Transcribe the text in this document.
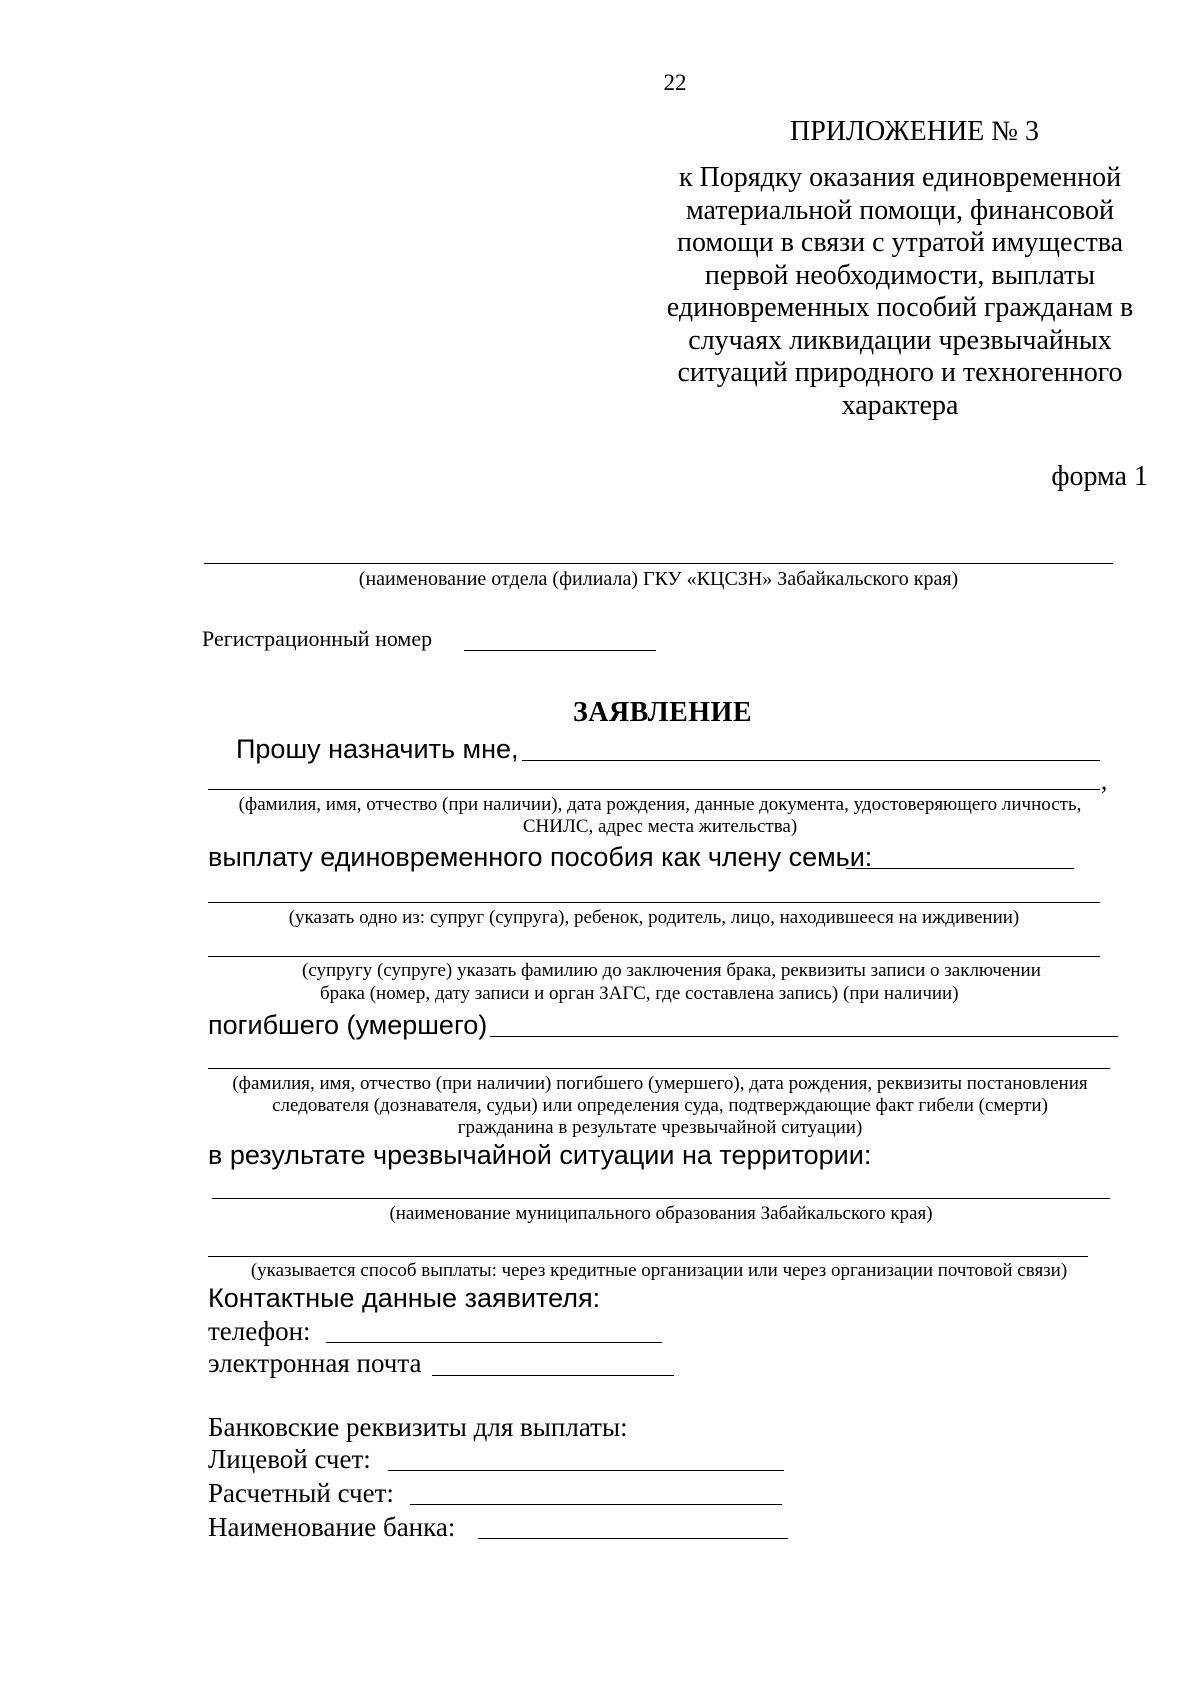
22
ПРИЛОЖЕНИЕ № 3
к Порядку оказания единовременной материальной помощи, финансовой помощи в связи с утратой имущества первой необходимости, выплаты единовременных пособий гражданам в случаях ликвидации чрезвычайных ситуаций природного и техногенного характера
форма 1
(наименование отдела (филиала) ГКУ «КЦСЗН» Забайкальского края)
Регистрационный номер
ЗАЯВЛЕНИЕ
Прошу назначить мне,
,
(фамилия, имя, отчество (при наличии), дата рождения, данные документа, удостоверяющего личность,
СНИЛС, адрес места жительства)
выплату единовременного пособия как члену семьи:
(указать одно из: супруг (супруга), ребенок, родитель, лицо, находившееся на иждивении)
(супругу (супруге) указать фамилию до заключения брака, реквизиты записи о заключении
брака (номер, дату записи и орган ЗАГС, где составлена запись) (при наличии)
погибшего (умершего)
(фамилия, имя, отчество (при наличии) погибшего (умершего), дата рождения, реквизиты постановления
следователя (дознавателя, судьи) или определения суда, подтверждающие факт гибели (смерти)
гражданина в результате чрезвычайной ситуации)
в результате чрезвычайной ситуации на территории:
(наименование муниципального образования Забайкальского края)
(указывается способ выплаты: через кредитные организации или через организации почтовой связи)
Контактные данные заявителя:
телефон:
электронная почта
Банковские реквизиты для выплаты:
Лицевой счет:
Расчетный счет:
Наименование банка:
